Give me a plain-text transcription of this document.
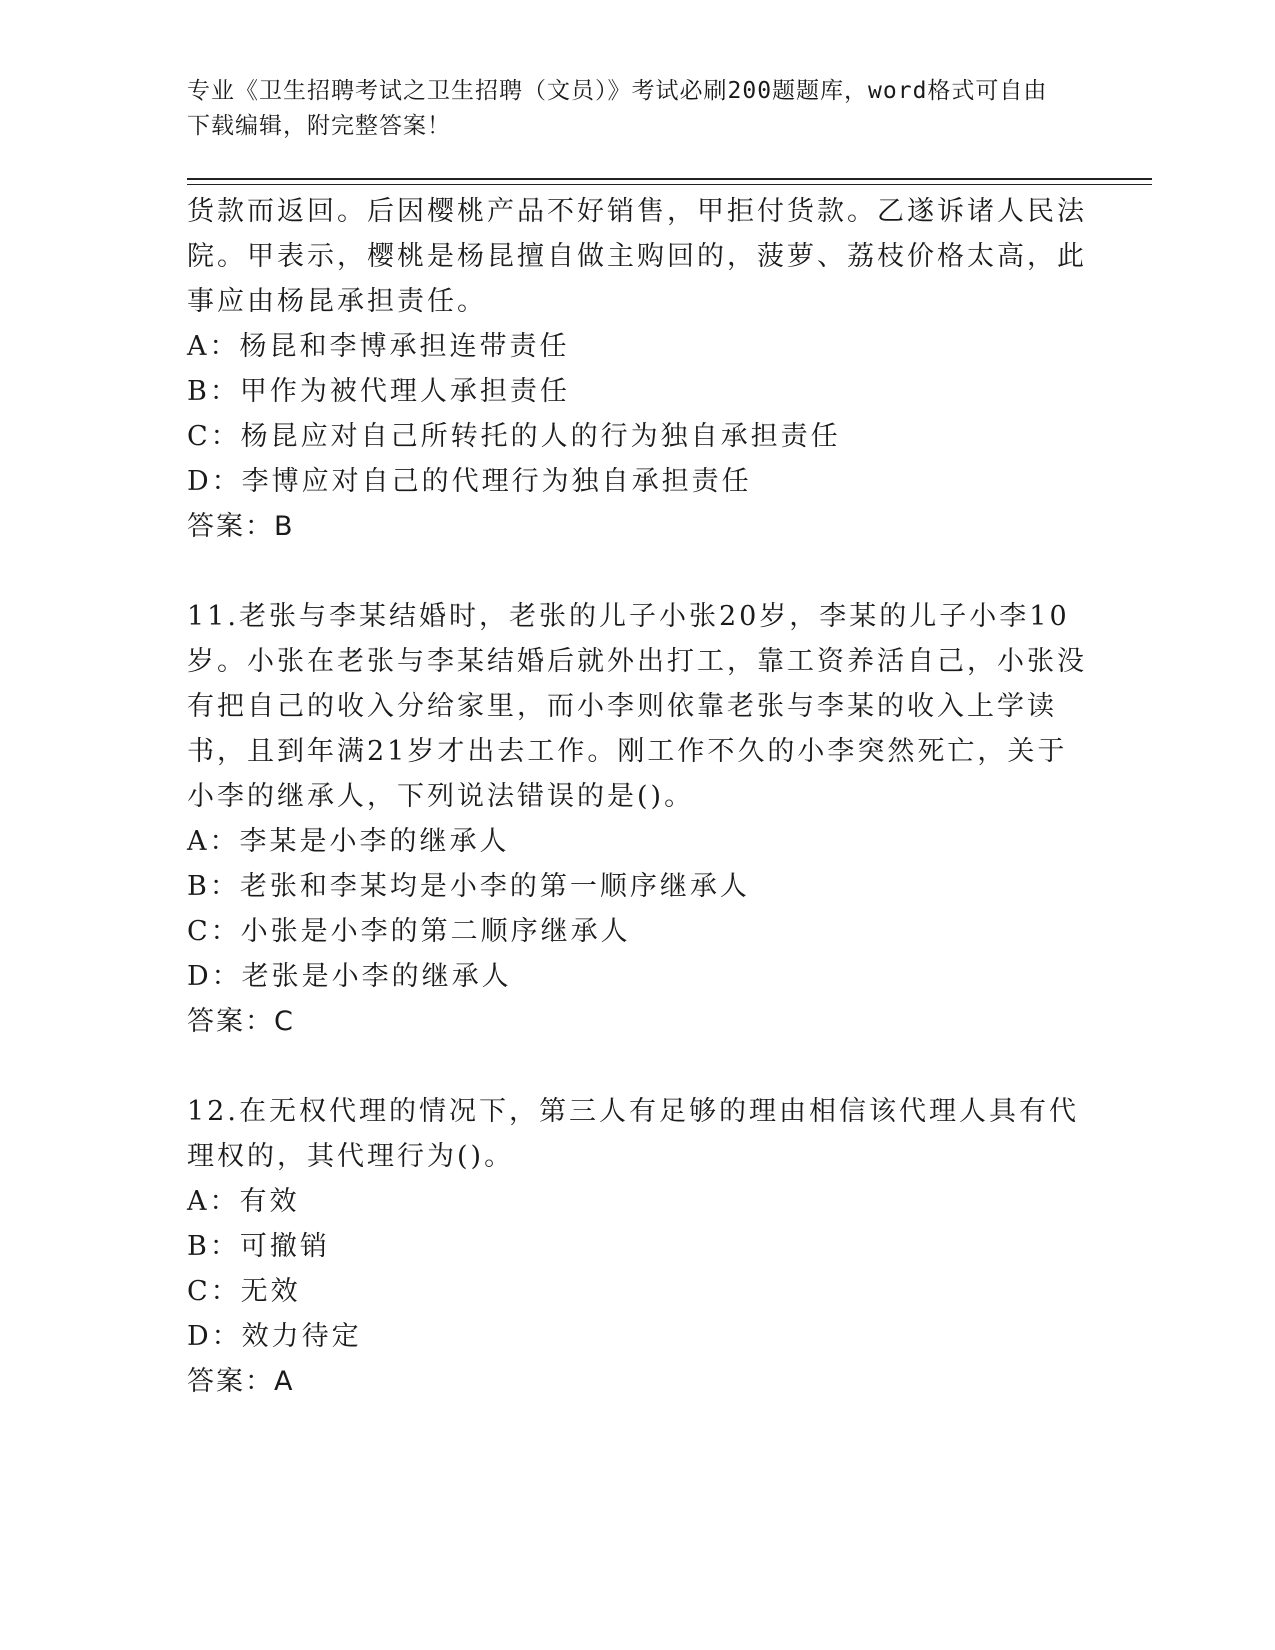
专业《卫生招聘考试之卫生招聘（文员）》考试必刷200题题库，word格式可自由下载编辑，附完整答案！

货款而返回。后因樱桃产品不好销售，甲拒付货款。乙遂诉诸人民法院。甲表示，樱桃是杨昆擅自做主购回的，菠萝、荔枝价格太高，此事应由杨昆承担责任。

A：杨昆和李博承担连带责任

B：甲作为被代理人承担责任

C：杨昆应对自己所转托的人的行为独自承担责任

D：李博应对自己的代理行为独自承担责任

答案：B

11.老张与李某结婚时，老张的儿子小张20岁，李某的儿子小李10岁。小张在老张与李某结婚后就外出打工，靠工资养活自己，小张没有把自己的收入分给家里，而小李则依靠老张与李某的收入上学读书，且到年满21岁才出去工作。刚工作不久的小李突然死亡，关于小李的继承人，下列说法错误的是()。

A：李某是小李的继承人

B：老张和李某均是小李的第一顺序继承人

C：小张是小李的第二顺序继承人

D：老张是小李的继承人

答案：C

12.在无权代理的情况下，第三人有足够的理由相信该代理人具有代理权的，其代理行为()。

A：有效

B：可撤销

C：无效

D：效力待定

答案：A
